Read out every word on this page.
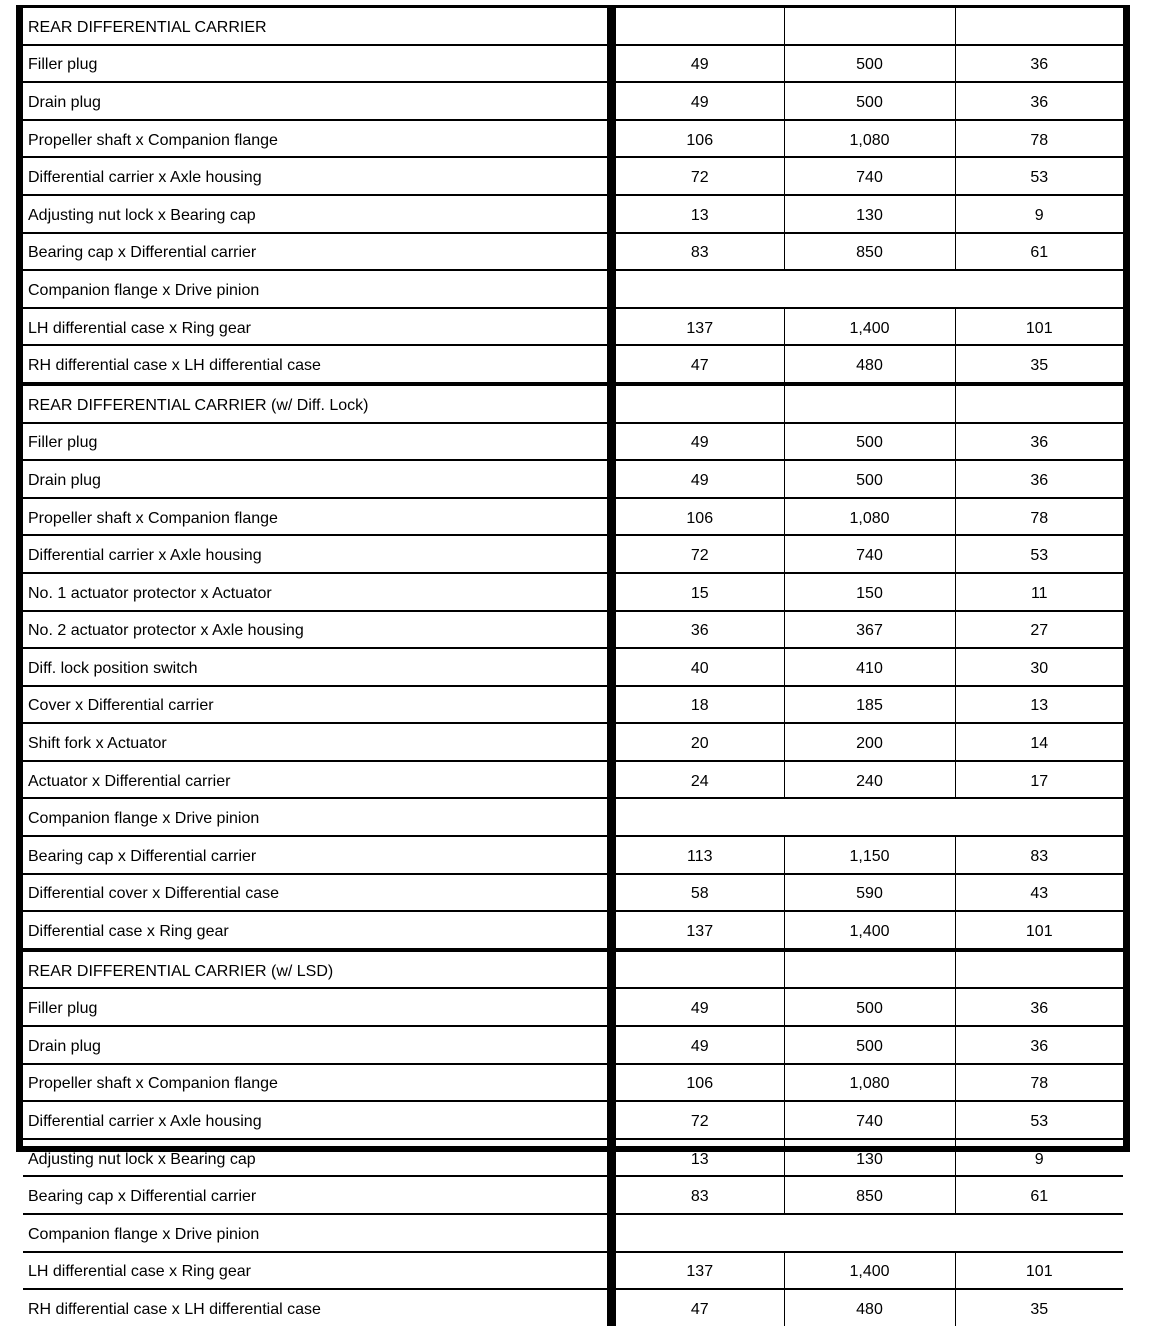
REAR DIFFERENTIAL CARRIER				
Filler plug		49	500	36
Drain plug		49	500	36
Propeller shaft x Companion flange		106	1,080	78
Differential carrier x Axle housing		72	740	53
Adjusting nut lock x Bearing cap		13	130	9
Bearing cap x Differential carrier		83	850	61
Companion flange x Drive pinion				
LH differential case x Ring gear		137	1,400	101
RH differential case x LH differential case		47	480	35
REAR DIFFERENTIAL CARRIER (w/ Diff. Lock)				
Filler plug		49	500	36
Drain plug		49	500	36
Propeller shaft x Companion flange		106	1,080	78
Differential carrier x Axle housing		72	740	53
No. 1 actuator protector x Actuator		15	150	11
No. 2 actuator protector x Axle housing		36	367	27
Diff. lock position switch		40	410	30
Cover x Differential carrier		18	185	13
Shift fork x Actuator		20	200	14
Actuator x Differential carrier		24	240	17
Companion flange x Drive pinion				
Bearing cap x Differential carrier		113	1,150	83
Differential cover x Differential case		58	590	43
Differential case x Ring gear		137	1,400	101
REAR DIFFERENTIAL CARRIER (w/ LSD)				
Filler plug		49	500	36
Drain plug		49	500	36
Propeller shaft x Companion flange		106	1,080	78
Differential carrier x Axle housing		72	740	53
Adjusting nut lock x Bearing cap		13	130	9
Bearing cap x Differential carrier		83	850	61
Companion flange x Drive pinion				
LH differential case x Ring gear		137	1,400	101
RH differential case x LH differential case		47	480	35
